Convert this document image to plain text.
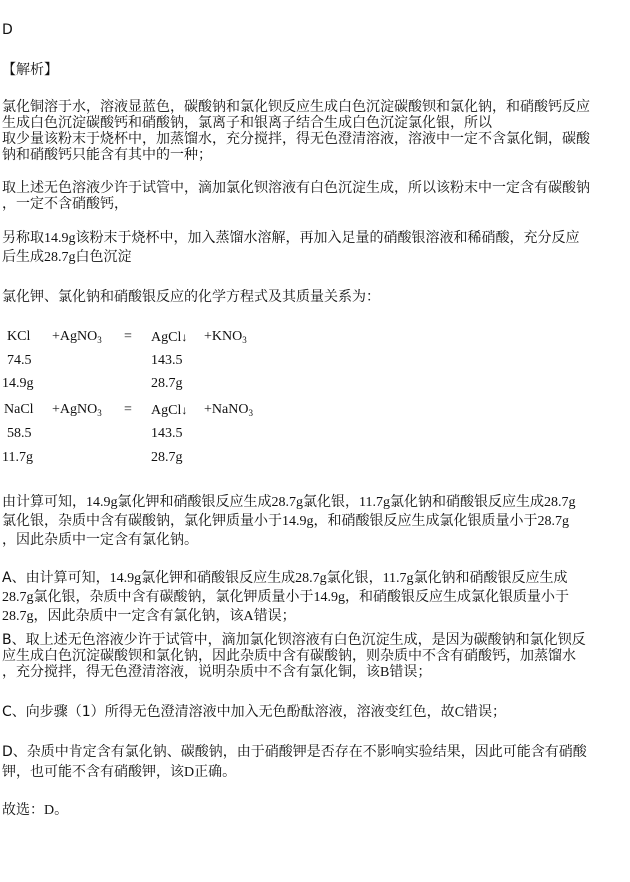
D
【解析】
氯化铜溶于水，溶液显蓝色，碳酸钠和氯化钡反应生成白色沉淀碳酸钡和氯化钠，和硝酸钙反应
生成白色沉淀碳酸钙和硝酸钠，氯离子和银离子结合生成白色沉淀氯化银，所以
取少量该粉末于烧杯中，加蒸馏水，充分搅拌，得无色澄清溶液，溶液中一定不含氯化铜，碳酸
钠和硝酸钙只能含有其中的一种；
取上述无色溶液少许于试管中，滴加氯化钡溶液有白色沉淀生成，所以该粉末中一定含有碳酸钠
，一定不含硝酸钙，
另称取14.9g该粉末于烧杯中，加入蒸馏水溶解，再加入足量的硝酸银溶液和稀硝酸，充分反应
后生成28.7g白色沉淀
氯化钾、氯化钠和硝酸银反应的化学方程式及其质量关系为：
KCl +AgNO$_3$ = AgCl↓ $+KNO_3$
74.5	143.5
14.9g	28.7g
NaCl +AgNO$_3$ = AgCl↓ +NaNO$_3$
58.5	143.5
11.7g	28.7g
由计算可知，14.9g氯化钾和硝酸银反应生成28.7g氯化银，11.7g氯化钠和硝酸银反应生成28.7g
氯化银，杂质中含有碳酸钠，氯化钾质量小于14.9g，和硝酸银反应生成氯化银质量小于28.7g
，因此杂质中一定含有氯化钠。
A、由计算可知，14.9g氯化钾和硝酸银反应生成28.7g氯化银，11.7g氯化钠和硝酸银反应生成
28.7g氯化银，杂质中含有碳酸钠，氯化钾质量小于14.9g，和硝酸银反应生成氯化银质量小于
28.7g，因此杂质中一定含有氯化钠，该A错误；
B、取上述无色溶液少许于试管中，滴加氯化钡溶液有白色沉淀生成，是因为碳酸钠和氯化钡反
应生成白色沉淀碳酸钡和氯化钠，因此杂质中含有碳酸钠，则杂质中不含有硝酸钙，加蒸馏水
，充分搅拌，得无色澄清溶液，说明杂质中不含有氯化铜，该B错误；
C、向步骤（1）所得无色澄清溶液中加入无色酚酞溶液，溶液变红色，故C错误；
D、杂质中肯定含有氯化钠、碳酸钠，由于硝酸钾是否存在不影响实验结果，因此可能含有硝酸
钾，也可能不含有硝酸钾，该D正确。
故选：D。
